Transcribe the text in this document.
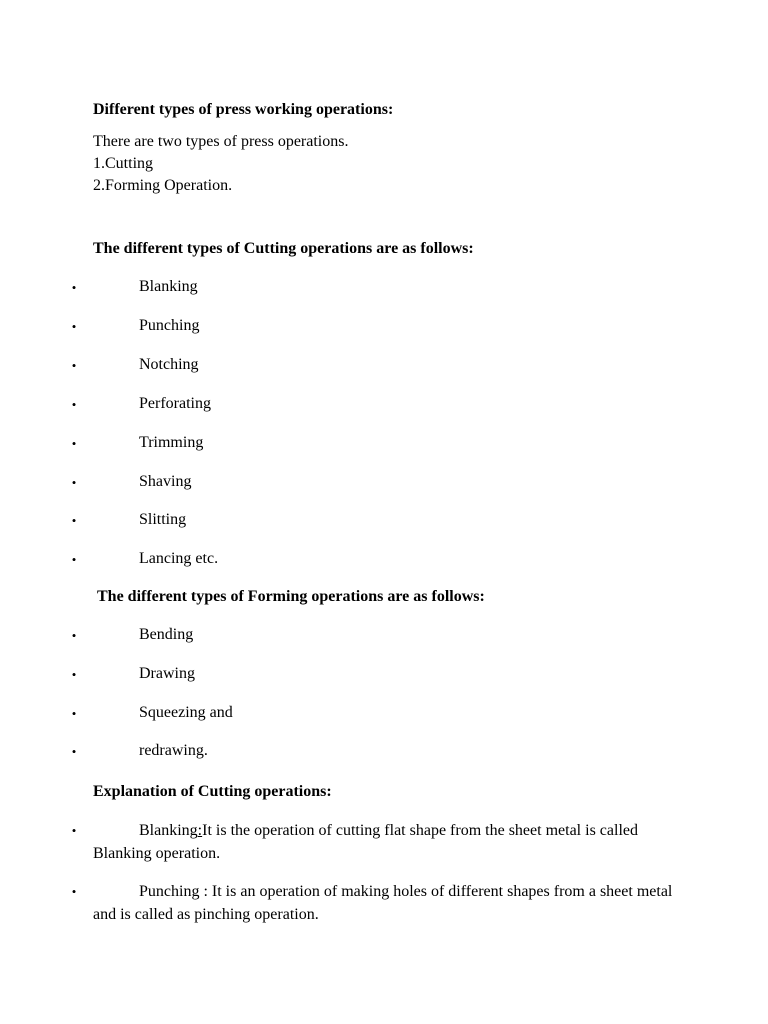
Different types of press working operations:
There are two types of press operations.
1.Cutting
2.Forming Operation.
The different types of Cutting operations are as follows:
•	Blanking
•	Punching
•	Notching
•	Perforating
•	Trimming
•	Shaving
•	Slitting
•	Lancing etc.
The different types of Forming operations are as follows:
•	Bending
•	Drawing
•	Squeezing and
•	redrawing.
Explanation of Cutting operations:
•	Blanking:It is the operation of cutting flat shape from the sheet metal is called Blanking operation.
•	Punching : It is an operation of making holes of different shapes from a sheet metal and is called as pinching operation.
